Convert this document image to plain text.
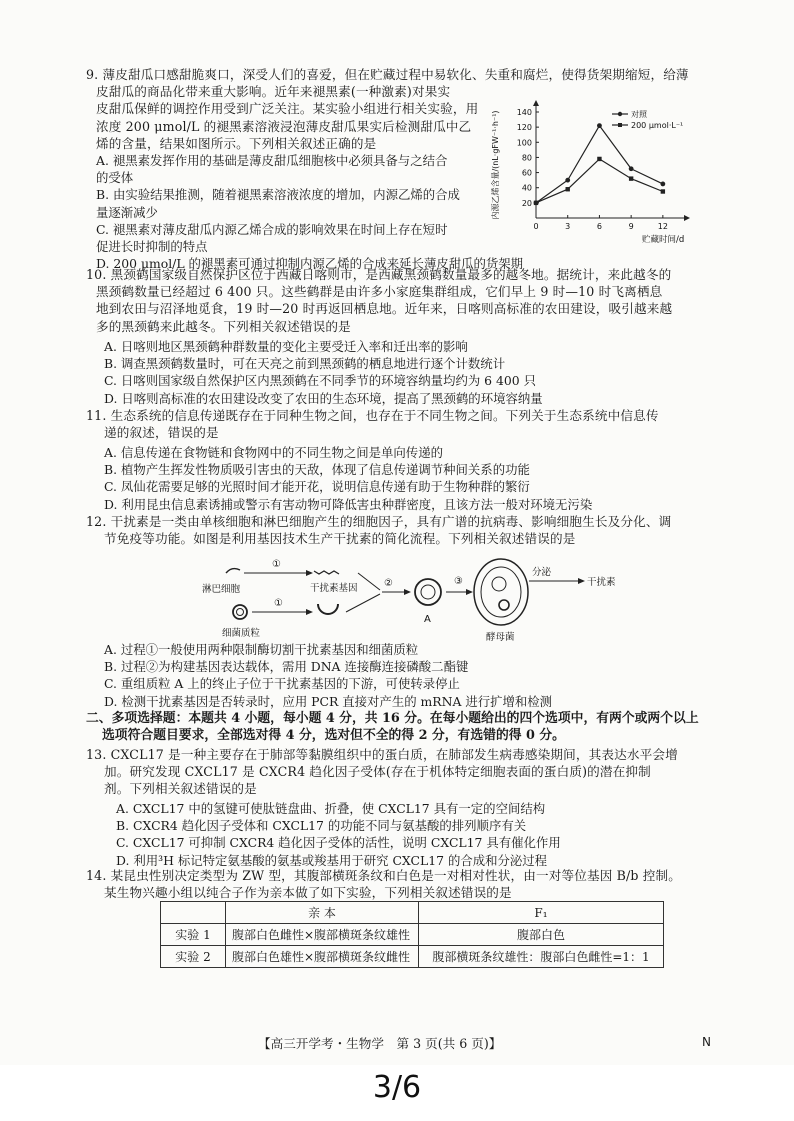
9. 薄皮甜瓜口感甜脆爽口，深受人们的喜爱，但在贮藏过程中易软化、失重和腐烂，使得货架期缩短，给薄
皮甜瓜的商品化带来重大影响。近年来褪黑素(一种激素)对果实
皮甜瓜保鲜的调控作用受到广泛关注。某实验小组进行相关实验，用
浓度 200 μmol/L 的褪黑素溶液浸泡薄皮甜瓜果实后检测甜瓜中乙
烯的含量，结果如图所示。下列相关叙述正确的是
A. 褪黑素发挥作用的基础是薄皮甜瓜细胞核中必须具备与之结合
的受体
B. 由实验结果推测，随着褪黑素溶液浓度的增加，内源乙烯的合成
量逐渐减少
C. 褪黑素对薄皮甜瓜内源乙烯合成的影响效果在时间上存在短时
促进长时抑制的特点
D. 200 μmol/L 的褪黑素可通过抑制内源乙烯的合成来延长薄皮甜瓜的货架期
20
40
60
80
100
120
140
0	3	6	9	12
贮藏时间/d
内源乙烯含量/(nL·gFW⁻¹·h⁻¹)	对照
200 μmol·L⁻¹
10. 黑颈鹤国家级自然保护区位于西藏日喀则市，是西藏黑颈鹤数量最多的越冬地。据统计，来此越冬的
黑颈鹤数量已经超过 6 400 只。这些鹤群是由许多小家庭集群组成，它们早上 9 时—10 时飞离栖息
地到农田与沼泽地觅食，19 时—20 时再返回栖息地。近年来，日喀则高标准的农田建设，吸引越来越
多的黑颈鹤来此越冬。下列相关叙述错误的是
A. 日喀则地区黑颈鹤种群数量的变化主要受迁入率和迁出率的影响
B. 调查黑颈鹤数量时，可在天亮之前到黑颈鹤的栖息地进行逐个计数统计
C. 日喀则国家级自然保护区内黑颈鹤在不同季节的环境容纳量均约为 6 400 只
D. 日喀则高标准的农田建设改变了农田的生态环境，提高了黑颈鹤的环境容纳量
11. 生态系统的信息传递既存在于同种生物之间，也存在于不同生物之间。下列关于生态系统中信息传
递的叙述，错误的是
A. 信息传递在食物链和食物网中的不同生物之间是单向传递的
B. 植物产生挥发性物质吸引害虫的天敌，体现了信息传递调节种间关系的功能
C. 凤仙花需要足够的光照时间才能开花，说明信息传递有助于生物种群的繁衍
D. 利用昆虫信息素诱捕或警示有害动物可降低害虫种群密度，且该方法一般对环境无污染
12. 干扰素是一类由单核细胞和淋巴细胞产生的细胞因子，具有广谱的抗病毒、影响细胞生长及分化、调
节免疫等功能。如图是利用基因技术生产干扰素的简化流程。下列相关叙述错误的是
淋巴细胞
①
干扰素基因
细菌质粒
①
②
A
③
酵母菌
分泌
干扰素
A. 过程①一般使用两种限制酶切割干扰素基因和细菌质粒
B. 过程②为构建基因表达载体，需用 DNA 连接酶连接磷酸二酯键
C. 重组质粒 A 上的终止子位于干扰素基因的下游，可使转录停止
D. 检测干扰素基因是否转录时，应用 PCR 直接对产生的 mRNA 进行扩增和检测
二、多项选择题：本题共 4 小题，每小题 4 分，共 16 分。在每小题给出的四个选项中，有两个或两个以上
选项符合题目要求，全部选对得 4 分，选对但不全的得 2 分，有选错的得 0 分。
13. CXCL17 是一种主要存在于肺部等黏膜组织中的蛋白质，在肺部发生病毒感染期间，其表达水平会增
加。研究发现 CXCL17 是 CXCR4 趋化因子受体(存在于机体特定细胞表面的蛋白质)的潜在抑制
剂。下列相关叙述错误的是
A. CXCL17 中的氢键可使肽链盘曲、折叠，使 CXCL17 具有一定的空间结构
B. CXCR4 趋化因子受体和 CXCL17 的功能不同与氨基酸的排列顺序有关
C. CXCL17 可抑制 CXCR4 趋化因子受体的活性，说明 CXCL17 具有催化作用
D. 利用³H 标记特定氨基酸的氨基或羧基用于研究 CXCL17 的合成和分泌过程
14. 某昆虫性别决定类型为 ZW 型，其腹部横斑条纹和白色是一对相对性状，由一对等位基因 B/b 控制。
某生物兴趣小组以纯合子作为亲本做了如下实验，下列相关叙述错误的是
	亲 本	F₁
实验 1	腹部白色雌性×腹部横斑条纹雄性	腹部白色
实验 2	腹部白色雄性×腹部横斑条纹雌性	腹部横斑条纹雄性：腹部白色雌性=1：1
【高三开学考・生物学　第 3 页(共 6 页)】	N
3/6
